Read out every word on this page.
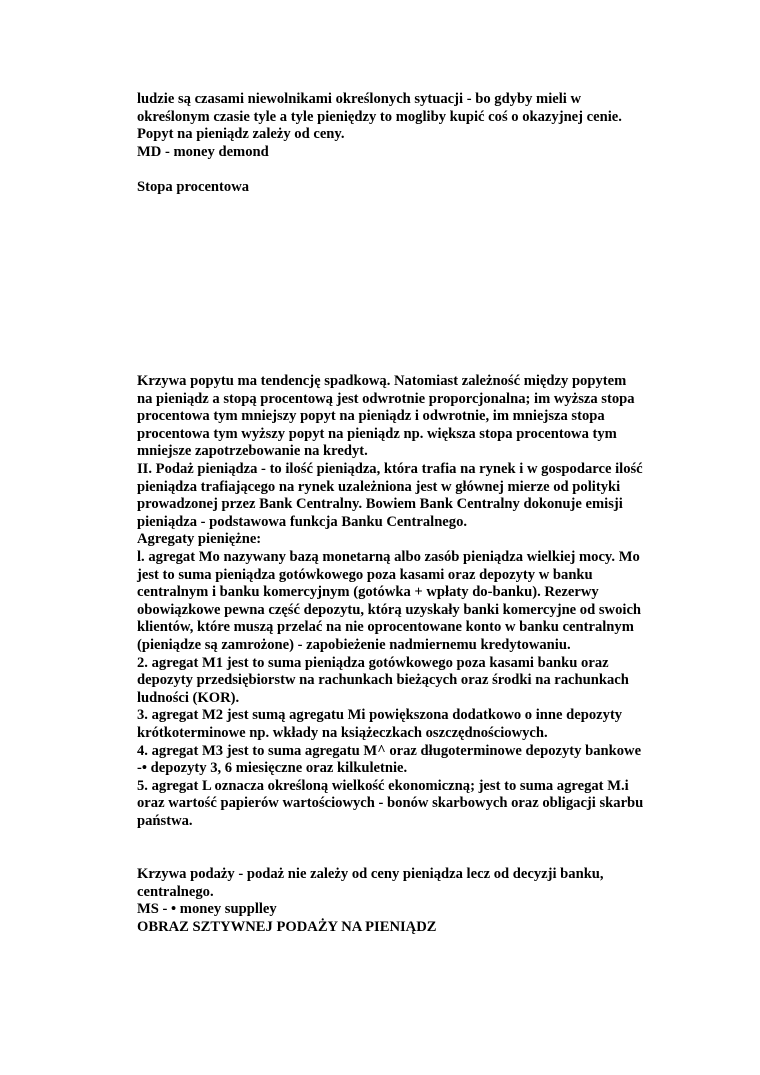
ludzie są czasami niewolnikami określonych sytuacji - bo gdyby mieli w
określonym czasie tyle a tyle pieniędzy to mogliby kupić coś o okazyjnej cenie.
Popyt na pieniądz zależy od ceny.
MD - money demond
Stopa procentowa
Krzywa popytu ma tendencję spadkową. Natomiast zależność między popytem
na pieniądz a stopą procentową jest odwrotnie proporcjonalna; im wyższa stopa
procentowa tym mniejszy popyt na pieniądz i odwrotnie, im mniejsza stopa
procentowa tym wyższy popyt na pieniądz np. większa stopa procentowa tym
mniejsze zapotrzebowanie na kredyt.
II. Podaż pieniądza - to ilość pieniądza, która trafia na rynek i w gospodarce ilość
pieniądza trafiającego na rynek uzależniona jest w głównej mierze od polityki
prowadzonej przez Bank Centralny. Bowiem Bank Centralny dokonuje emisji
pieniądza - podstawowa funkcja Banku Centralnego.
Agregaty pieniężne:
l. agregat Mo nazywany bazą monetarną albo zasób pieniądza wielkiej mocy. Mo
jest to suma pieniądza gotówkowego poza kasami oraz depozyty w banku
centralnym i banku komercyjnym (gotówka + wpłaty do-banku). Rezerwy
obowiązkowe pewna część depozytu, którą uzyskały banki komercyjne od swoich
klientów, które muszą przelać na nie oprocentowane konto w banku centralnym
(pieniądze są zamrożone) - zapobieżenie nadmiernemu kredytowaniu.
2. agregat M1 jest to suma pieniądza gotówkowego poza kasami banku oraz
depozyty przedsiębiorstw na rachunkach bieżących oraz środki na rachunkach
ludności (KOR).
3. agregat M2 jest sumą agregatu Mi powiększona dodatkowo o inne depozyty
krótkoterminowe np. wkłady na książeczkach oszczędnościowych.
4. agregat M3 jest to suma agregatu M^ oraz długoterminowe depozyty bankowe
-• depozyty 3, 6 miesięczne oraz kilkuletnie.
5. agregat L oznacza określoną wielkość ekonomiczną; jest to suma agregat M.i
oraz wartość papierów wartościowych - bonów skarbowych oraz obligacji skarbu
państwa.
Krzywa podaży - podaż nie zależy od ceny pieniądza lecz od decyzji banku,
centralnego.
MS - • money supplley
OBRAZ SZTYWNEJ PODAŻY NA PIENIĄDZ
